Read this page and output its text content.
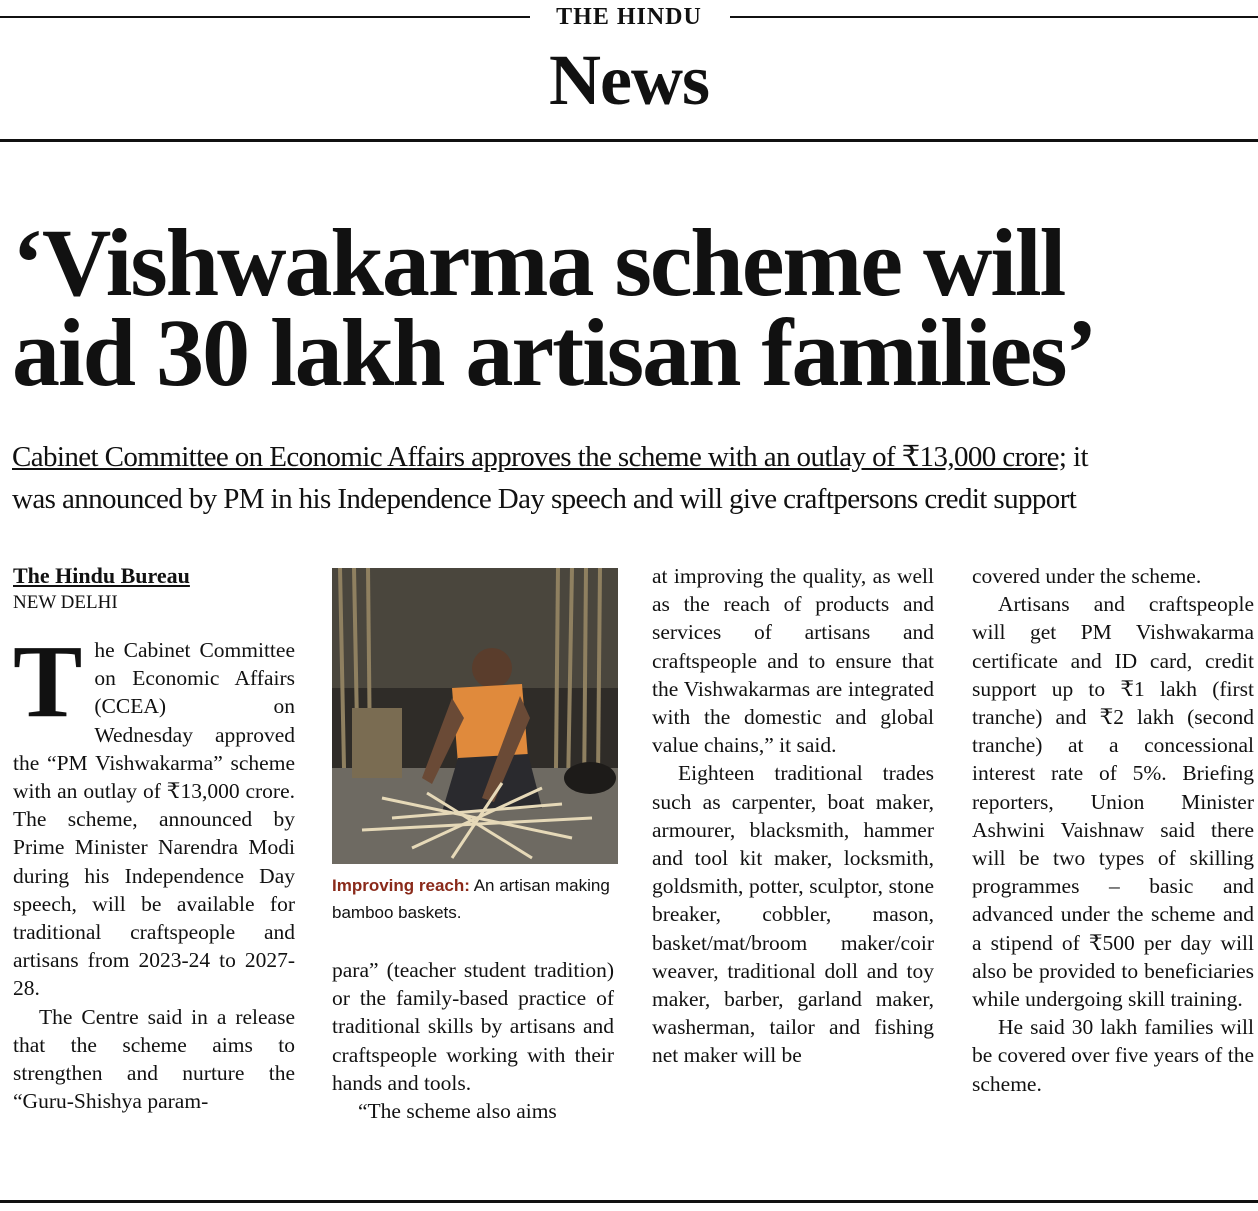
THE HINDU
News
‘Vishwakarma scheme will
aid 30 lakh artisan families’
Cabinet Committee on Economic Affairs approves the scheme with an outlay of ₹13,000 crore; it
was announced by PM in his Independence Day speech and will give craftpersons credit support
The Hindu Bureau
NEW DELHI

The Cabinet Committee on Economic Affairs (CCEA) on Wednesday approved the “PM Vishwakarma” scheme with an outlay of ₹13,000 crore. The scheme, announced by Prime Minister Narendra Modi during his Independence Day speech, will be available for traditional craftspeople and artisans from 2023-24 to 2027-28.

The Centre said in a release that the scheme aims to strengthen and nurture the “Guru-Shishya param-

Improving reach: An artisan making bamboo baskets.

para” (teacher student tradition) or the family-based practice of traditional skills by artisans and craftspeople working with their hands and tools.

“The scheme also aims

at improving the quality, as well as the reach of products and services of artisans and craftspeople and to ensure that the Vishwakarmas are integrated with the domestic and global value chains,” it said.

Eighteen traditional trades such as carpenter, boat maker, armourer, blacksmith, hammer and tool kit maker, locksmith, goldsmith, potter, sculptor, stone breaker, cobbler, mason, basket/mat/broom maker/coir weaver, traditional doll and toy maker, barber, garland maker, washerman, tailor and fishing net maker will be

covered under the scheme.

Artisans and craftspeople will get PM Vishwakarma certificate and ID card, credit support up to ₹1 lakh (first tranche) and ₹2 lakh (second tranche) at a concessional interest rate of 5%. Briefing reporters, Union Minister Ashwini Vaishnaw said there will be two types of skilling programmes – basic and advanced under the scheme and a stipend of ₹500 per day will also be provided to beneficiaries while undergoing skill training.

He said 30 lakh families will be covered over five years of the scheme.
